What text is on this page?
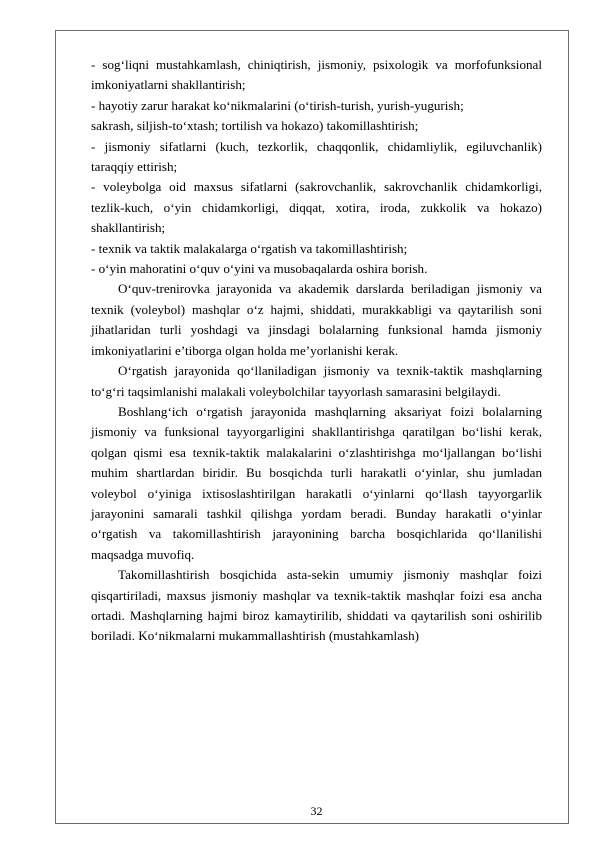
- sog‘liqni mustahkamlash, chiniqtirish, jismoniy, psixologik va morfofunksional imkoniyatlarni shakllantirish;

- hayotiy zarur harakat ko‘nikmalarini (o‘tirish-turish, yurish-yugurish;

sakrash, siljish-to‘xtash; tortilish va hokazo) takomillashtirish;

- jismoniy sifatlarni (kuch, tezkorlik, chaqqonlik, chidamliylik, egiluvchanlik) taraqqiy ettirish;

- voleybolga oid maxsus sifatlarni (sakrovchanlik, sakrovchanlik chidamkorligi, tezlik-kuch, o‘yin chidamkorligi, diqqat, xotira, iroda, zukkolik va hokazo) shakllantirish;

- texnik va taktik malakalarga o‘rgatish va takomillashtirish;

- o‘yin mahoratini o‘quv o‘yini va musobaqalarda oshira borish.

O‘quv-trenirovka jarayonida va akademik darslarda beriladigan jismoniy va texnik (voleybol) mashqlar o‘z hajmi, shiddati, murakkabligi va qaytarilish soni jihatlaridan turli yoshdagi va jinsdagi bolalarning funksional hamda jismoniy imkoniyatlarini e’tiborga olgan holda me’yorlanishi kerak.

O‘rgatish jarayonida qo‘llaniladigan jismoniy va texnik-taktik mashqlarning to‘g‘ri taqsimlanishi malakali voleybolchilar tayyorlash samarasini belgilaydi.

Boshlang‘ich o‘rgatish jarayonida mashqlarning aksariyat foizi bolalarning jismoniy va funksional tayyorgarligini shakllantirishga qaratilgan bo‘lishi kerak, qolgan qismi esa texnik-taktik malakalarini o‘zlashtirishga mo‘ljallangan bo‘lishi muhim shartlardan biridir. Bu bosqichda turli harakatli o‘yinlar, shu jumladan voleybol o‘yiniga ixtisoslashtirilgan harakatli o‘yinlarni qo‘llash tayyorgarlik jarayonini samarali tashkil qilishga yordam beradi. Bunday harakatli o‘yinlar o‘rgatish va takomillashtirish jarayonining barcha bosqichlarida qo‘llanilishi maqsadga muvofiq.

Takomillashtirish bosqichida asta-sekin umumiy jismoniy mashqlar foizi qisqartiriladi, maxsus jismoniy mashqlar va texnik-taktik mashqlar foizi esa ancha ortadi. Mashqlarning hajmi biroz kamaytirilib, shiddati va qaytarilish soni oshirilib boriladi. Ko‘nikmalarni mukammallashtirish (mustahkamlash)

32
